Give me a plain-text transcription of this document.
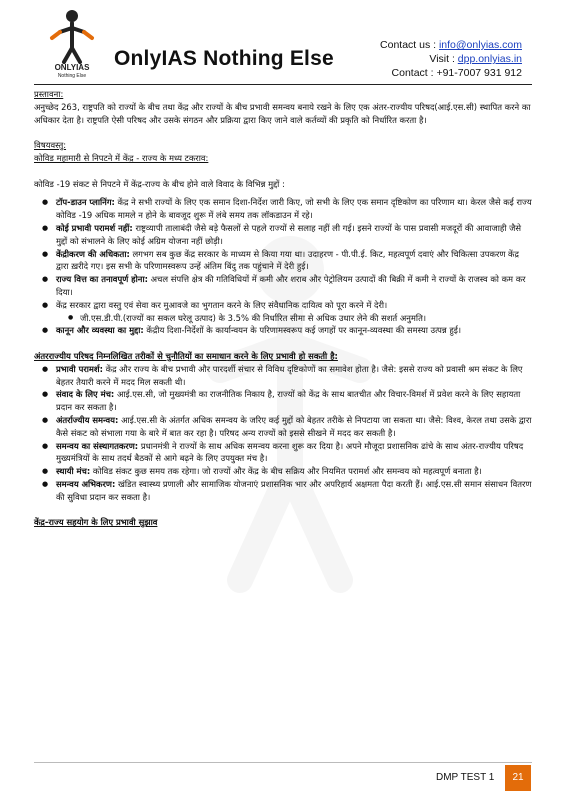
ONLYIAS
Nothing Else
OnlyIAS Nothing Else
Contact us : info@onlyias.com
Visit : dpp.onlyias.in
Contact : +91-7007 931 912

प्रस्तावना:

अनुच्छेद 263, राष्ट्रपति को राज्यों के बीच तथा केंद्र और राज्यों के बीच प्रभावी समन्वय बनाये रखने के लिए एक अंतर-राज्यीय परिषद(आई.एस.सी) स्थापित करने का अधिकार देता है। राष्ट्रपति ऐसी परिषद और उसके संगठन और प्रक्रिया द्वारा किए जाने वाले कर्तव्यों की प्रकृति को निर्धारित करता है।

विषयवस्तु:

कोविड महामारी से निपटने में केंद्र - राज्य के मध्य टकराव:

कोविड -19 संकट से निपटने में केंद्र-राज्य के बीच होने वाले विवाद के विभिन्न मुद्दों :

● टॉप-डाउन प्लानिंग: केंद्र ने सभी राज्यों के लिए एक समान दिशा-निर्देश जारी किए, जो सभी के लिए एक समान दृष्टिकोण का परिणाम था। केरल जैसे कई राज्य कोविड -19 अधिक मामले न होने के बावजूद शुरू में लंबे समय तक लॉकडाउन में रहे।
● कोई प्रभावी परामर्श नहीं: राष्ट्रव्यापी तालाबंदी जैसे बड़े फैसलों से पहले राज्यों से सलाह नहीं ली गई। इसने राज्यों के पास प्रवासी मजदूरों की आवाजाही जैसे मुद्दों को संभालने के लिए कोई अग्रिम योजना नहीं छोड़ी।
● केंद्रीकरण की अधिकता: लगभग सब कुछ केंद्र सरकार के माध्यम से किया गया था। उदाहरण - पी.पी.ई. किट, महत्वपूर्ण दवाएं और चिकित्सा उपकरण केंद्र द्वारा ख़रीदे गए। इस सभी के परिणामस्वरूप उन्हें अंतिम बिंदु तक पहुंचाने में देरी हुई।
● राज्य वित्त का तनावपूर्ण होना: अचल संपत्ति क्षेत्र की गतिविधियों में कमी और शराब और पेट्रोलियम उत्पादों की बिक्री में कमी ने राज्यों के राजस्व को कम कर दिया।
● केंद्र सरकार द्वारा वस्तु एवं सेवा कर मुआवजे का भुगतान करने के लिए संवैधानिक दायित्व को पूरा करने में देरी।
● जी.एस.डी.पी.(राज्यों का सकल घरेलू उत्पाद) के 3.5% की निर्धारित सीमा से अधिक उधार लेने की सशर्त अनुमति।
● कानून और व्यवस्था का मुद्दा: केंद्रीय दिशा-निर्देशों के कार्यान्वयन के परिणामस्वरूप कई जगहों पर कानून-व्यवस्था की समस्या उत्पन्न हुई।

अंतरराज्यीय परिषद निम्नलिखित तरीकों से चुनौतियों का समाधान करने के लिए प्रभावी हो सकती है:

● प्रभावी परामर्श: केंद्र और राज्य के बीच प्रभावी और पारदर्शी संचार से विविध दृष्टिकोणों का समावेश होता है। जैसे: इससे राज्य को प्रवासी श्रम संकट के लिए बेहतर तैयारी करने में मदद मिल सकती थी।
● संवाद के लिए मंच: आई.एस.सी, जो मुख्यमंत्री का राजनीतिक निकाय है, राज्यों को केंद्र के साथ बातचीत और विचार-विमर्श में प्रवेश करने के लिए सहायता प्रदान कर सकता है।
● अंतर्राज्यीय समन्वय: आई.एस.सी के अंतर्गत अधिक समन्वय के जरिए कई मुद्दों को बेहतर तरीके से निपटाया जा सकता था। जैसे: विश्व, केरल तथा उसके द्वारा कैसे संकट को संभाला गया के बारे में बात कर रहा है। परिषद अन्य राज्यों को इससे सीखने में मदद कर सकती है।
● समन्वय का संस्थागतकरण: प्रधानमंत्री ने राज्यों के साथ अधिक समन्वय करना शुरू कर दिया है। अपने मौजूदा प्रशासनिक ढांचे के साथ अंतर-राज्यीय परिषद मुख्यमंत्रियों के साथ तदर्थ बैठकों से आगे बढ़ने के लिए उपयुक्त मंच है।
● स्थायी मंच: कोविड संकट कुछ समय तक रहेगा। जो राज्यों और केंद्र के बीच सक्रिय और नियमित परामर्श और समन्वय को महत्वपूर्ण बनाता है।
● समन्वय अभिकरण: खंडित स्वास्थ्य प्रणाली और सामाजिक योजनाएं प्रशासनिक भार और अपरिहार्य अक्षमता पैदा करती हैं। आई.एस.सी समान संसाधन वितरण की सुविधा प्रदान कर सकता है।

केंद्र-राज्य सहयोग के लिए प्रभावी सुझाव

DMP TEST 1	21
